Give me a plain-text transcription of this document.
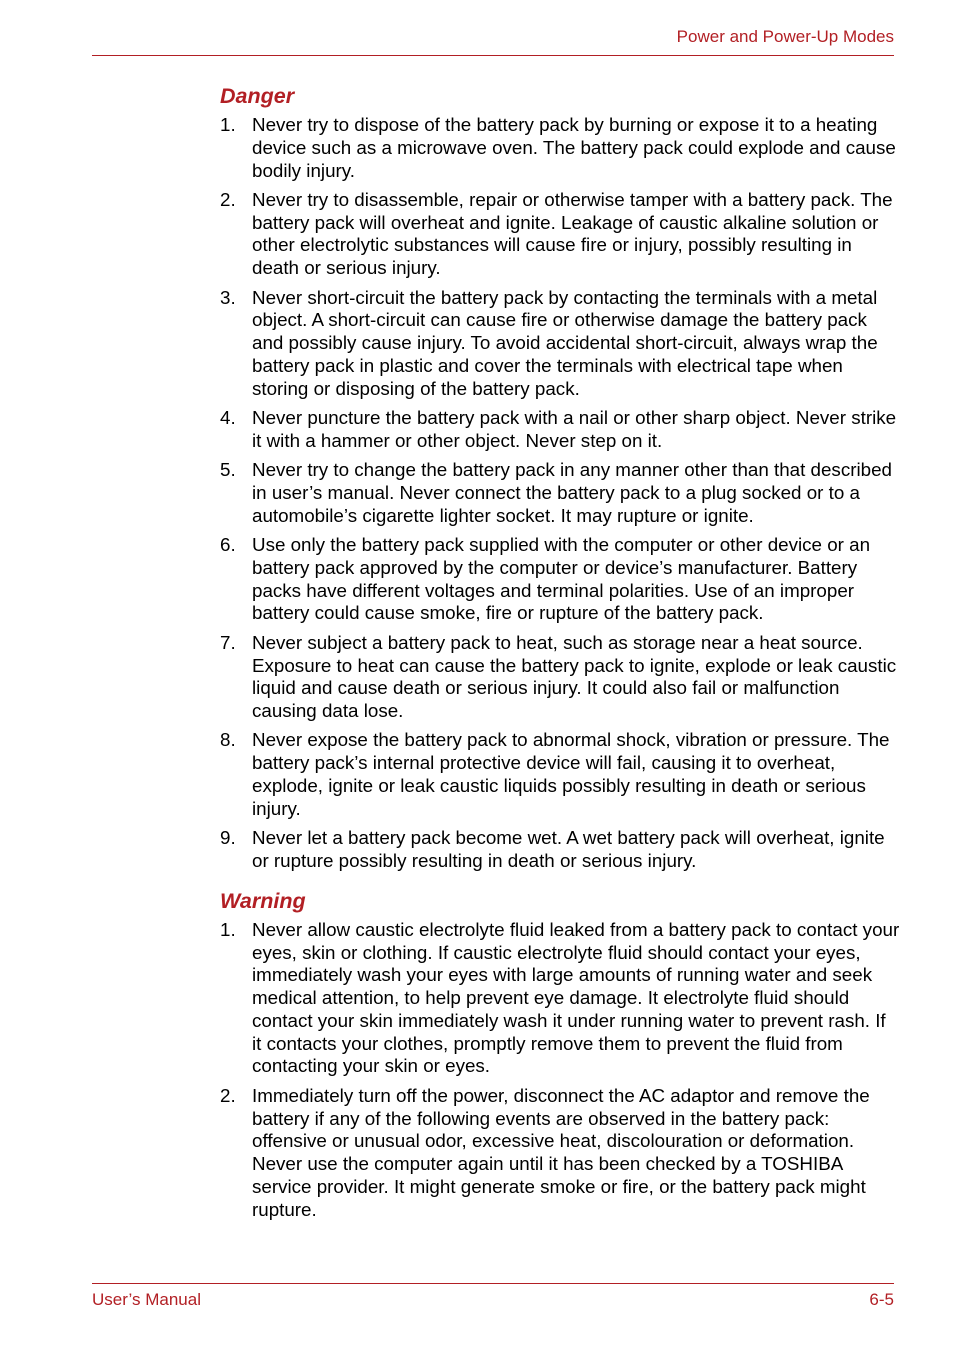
Power and Power-Up Modes
Danger
1. Never try to dispose of the battery pack by burning or expose it to a heating device such as a microwave oven. The battery pack could explode and cause bodily injury.
2. Never try to disassemble, repair or otherwise tamper with a battery pack. The battery pack will overheat and ignite. Leakage of caustic alkaline solution or other electrolytic substances will cause fire or injury, possibly resulting in death or serious injury.
3. Never short-circuit the battery pack by contacting the terminals with a metal object. A short-circuit can cause fire or otherwise damage the battery pack and possibly cause injury. To avoid accidental short-circuit, always wrap the battery pack in plastic and cover the terminals with electrical tape when storing or disposing of the battery pack.
4. Never puncture the battery pack with a nail or other sharp object. Never strike it with a hammer or other object. Never step on it.
5. Never try to change the battery pack in any manner other than that described in user’s manual. Never connect the battery pack to a plug socked or to a automobile’s cigarette lighter socket. It may rupture or ignite.
6. Use only the battery pack supplied with the computer or other device or an battery pack approved by the computer or device’s manufacturer. Battery packs have different voltages and terminal polarities. Use of an improper battery could cause smoke, fire or rupture of the battery pack.
7. Never subject a battery pack to heat, such as storage near a heat source. Exposure to heat can cause the battery pack to ignite, explode or leak caustic liquid and cause death or serious injury. It could also fail or malfunction causing data lose.
8. Never expose the battery pack to abnormal shock, vibration or pressure. The battery pack’s internal protective device will fail, causing it to overheat, explode, ignite or leak caustic liquids possibly resulting in death or serious injury.
9. Never let a battery pack become wet. A wet battery pack will overheat, ignite or rupture possibly resulting in death or serious injury.
Warning
1. Never allow caustic electrolyte fluid leaked from a battery pack to contact your eyes, skin or clothing. If caustic electrolyte fluid should contact your eyes, immediately wash your eyes with large amounts of running water and seek medical attention, to help prevent eye damage. It electrolyte fluid should contact your skin immediately wash it under running water to prevent rash. If it contacts your clothes, promptly remove them to prevent the fluid from contacting your skin or eyes.
2. Immediately turn off the power, disconnect the AC adaptor and remove the battery if any of the following events are observed in the battery pack: offensive or unusual odor, excessive heat, discolouration or deformation. Never use the computer again until it has been checked by a TOSHIBA service provider. It might generate smoke or fire, or the battery pack might rupture.
User’s Manual	6-5
